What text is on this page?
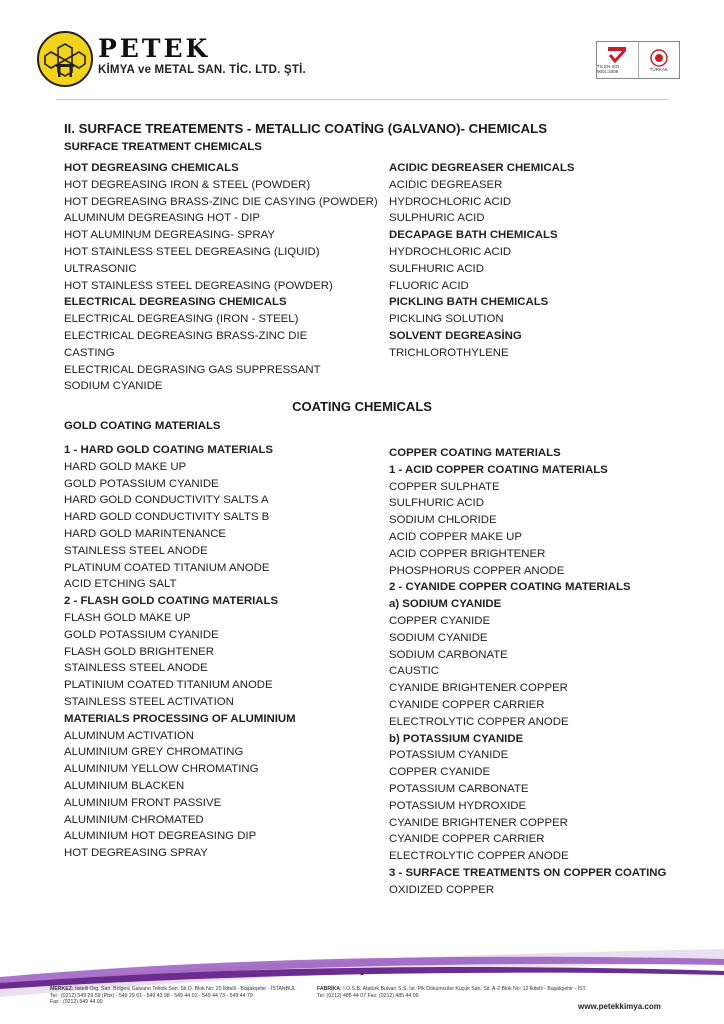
PETEK
KİMYA ve METAL SAN. TİC. LTD. ŞTİ.	TS EN ISO 9001:2008	TÜRKAK
II. SURFACE TREATEMENTS - METALLIC COATİNG (GALVANO)- CHEMICALS
SURFACE TREATMENT CHEMICALS
HOT DEGREASING CHEMICALS
HOT DEGREASING IRON & STEEL (POWDER)
HOT DEGREASING BRASS-ZINC DIE CASYING (POWDER)
ALUMINUM DEGREASING HOT - DIP
HOT ALUMINUM DEGREASING- SPRAY
HOT STAINLESS STEEL DEGREASING (LIQUID)
ULTRASONIC
HOT STAINLESS STEEL DEGREASING (POWDER)
ELECTRICAL DEGREASING CHEMICALS
ELECTRICAL DEGREASING (IRON - STEEL)
ELECTRICAL DEGREASING BRASS-ZINC DIE
CASTING
ELECTRICAL DEGRASING GAS SUPPRESSANT
SODIUM CYANIDE
ACIDIC DEGREASER CHEMICALS
ACIDIC DEGREASER
HYDROCHLORIC ACID
SULPHURIC ACID
DECAPAGE BATH CHEMICALS
HYDROCHLORIC ACID
SULFHURIC ACID
FLUORIC ACID
PICKLING BATH CHEMICALS
PICKLING SOLUTION
SOLVENT DEGREASİNG
TRICHLOROTHYLENE
COATING CHEMICALS
GOLD COATING MATERIALS
1 - HARD GOLD COATING MATERIALS
HARD GOLD MAKE UP
GOLD POTASSIUM CYANIDE
HARD GOLD CONDUCTIVITY SALTS A
HARD GOLD CONDUCTIVITY SALTS B
HARD GOLD MARINTENANCE
STAINLESS STEEL ANODE
PLATINUM COATED TITANIUM ANODE
ACID ETCHING SALT
2 - FLASH GOLD COATING MATERIALS
FLASH GOLD MAKE UP
GOLD POTASSIUM CYANIDE
FLASH GOLD BRIGHTENER
STAINLESS STEEL ANODE
PLATINIUM COATED TITANIUM ANODE
STAINLESS STEEL ACTIVATION
MATERIALS PROCESSING OF ALUMINIUM
ALUMINUM ACTIVATION
ALUMINIUM GREY CHROMATING
ALUMINIUM YELLOW CHROMATING
ALUMINIUM BLACKEN
ALUMINIUM FRONT PASSIVE
ALUMINIUM CHROMATED
ALUMINIUM HOT DEGREASING DIP
HOT DEGREASING SPRAY
COPPER COATING MATERIALS
1 - ACID COPPER COATING MATERIALS
COPPER SULPHATE
SULFHURIC ACID
SODIUM CHLORIDE
ACID COPPER MAKE UP
ACID COPPER BRIGHTENER
PHOSPHORUS COPPER ANODE
2 - CYANIDE COPPER COATING MATERIALS
a) SODIUM CYANIDE
COPPER CYANIDE
SODIUM CYANIDE
SODIUM CARBONATE
CAUSTIC
CYANIDE BRIGHTENER COPPER
CYANIDE COPPER CARRIER
ELECTROLYTIC COPPER ANODE
b) POTASSIUM CYANIDE
POTASSIUM CYANIDE
COPPER CYANIDE
POTASSIUM CARBONATE
POTASSIUM HYDROXIDE
CYANIDE BRIGHTENER COPPER
CYANIDE COPPER CARRIER
ELECTROLYTIC COPPER ANODE
3 - SURFACE TREATMENTS ON COPPER COATING
OXIDIZED COPPER
MERKEZ: İkitelli Org. San. Bölgesi Galvano Teknik San. Sit.D. Blok No: 20 İkitelli - Başakşehir - İSTANBUL
Tel : (0212) 549 29 59 (Pbx) - 549 29 61 - 549 43 98 - 549 44 01 - 549 44 73 - 549 44 79
Fax : (0212) 549 44 00
FABRİKA: İ.O.S.B. Atatürk Bulvarı S.S. İst. Pik Dökümcüler Küçük San. Sit. A-2 Blok No: 12 İkitelli - Başakşehir - İST.
Tel: (0212) 485 44 07 Fax: (0212) 485 44 09
www.petekkimya.com
